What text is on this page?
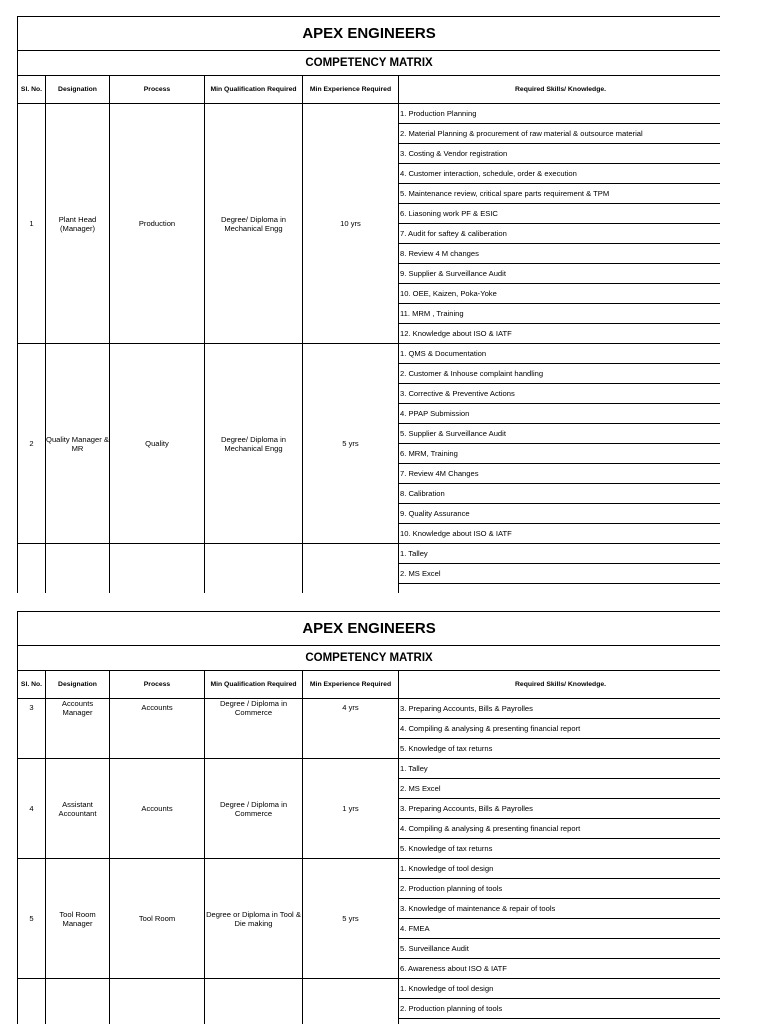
APEX ENGINEERS					
COMPETENCY MATRIX					
Sl. No.	Designation	Process	Min Qualification Required	Min Experience Required	Required Skills/ Knowledge.
1	Plant Head (Manager)	Production	Degree/ Diploma in Mechanical Engg	10 yrs	1. Production Planning
					2. Material Planning & procurement of raw material & outsource material
					3. Costing & Vendor registration
					4. Customer interaction, schedule, order & execution
					5. Maintenance review, critical spare parts requirement & TPM
					6. Liasoning work PF & ESIC
					7. Audit for saftey & caliberation
					8. Review 4 M changes
					9. Supplier & Surveillance Audit
					10. OEE, Kaizen, Poka-Yoke
					11. MRM , Training
					12. Knowledge about ISO & IATF
2	Quality Manager & MR	Quality	Degree/ Diploma in Mechanical Engg	5 yrs	1. QMS & Documentation
					2. Customer & Inhouse complaint handling
					3. Corrective & Preventive Actions
					4. PPAP Submission
					5. Supplier & Surveillance Audit
					6. MRM, Training
					7. Review 4M Changes
					8. Calibration
					9. Quality Assurance
					10. Knowledge about ISO & IATF
					1. Talley
					2. MS Excel

APEX ENGINEERS					
COMPETENCY MATRIX					
Sl. No.	Designation	Process	Min Qualification Required	Min Experience Required	Required Skills/ Knowledge.
3	Accounts Manager	Accounts	Degree / Diploma in Commerce	4 yrs	3. Preparing Accounts, Bills & Payrolles
					4. Compiling & analysing & presenting financial report
					5. Knowledge of tax returns
4	Assistant Accountant	Accounts	Degree / Diploma in Commerce	1 yrs	1. Talley
					2. MS Excel
					3. Preparing Accounts, Bills & Payrolles
					4. Compiling & analysing & presenting financial report
					5. Knowledge of tax returns
5	Tool Room Manager	Tool Room	Degree or Diploma in Tool & Die making	5 yrs	1. Knowledge of tool design
					2. Production planning of tools
					3. Knowledge of maintenance & repair of tools
					4. FMEA
					5. Surveillance Audit
					6. Awareness about ISO & IATF
					1. Knowledge of tool design
					2. Production planning of tools
